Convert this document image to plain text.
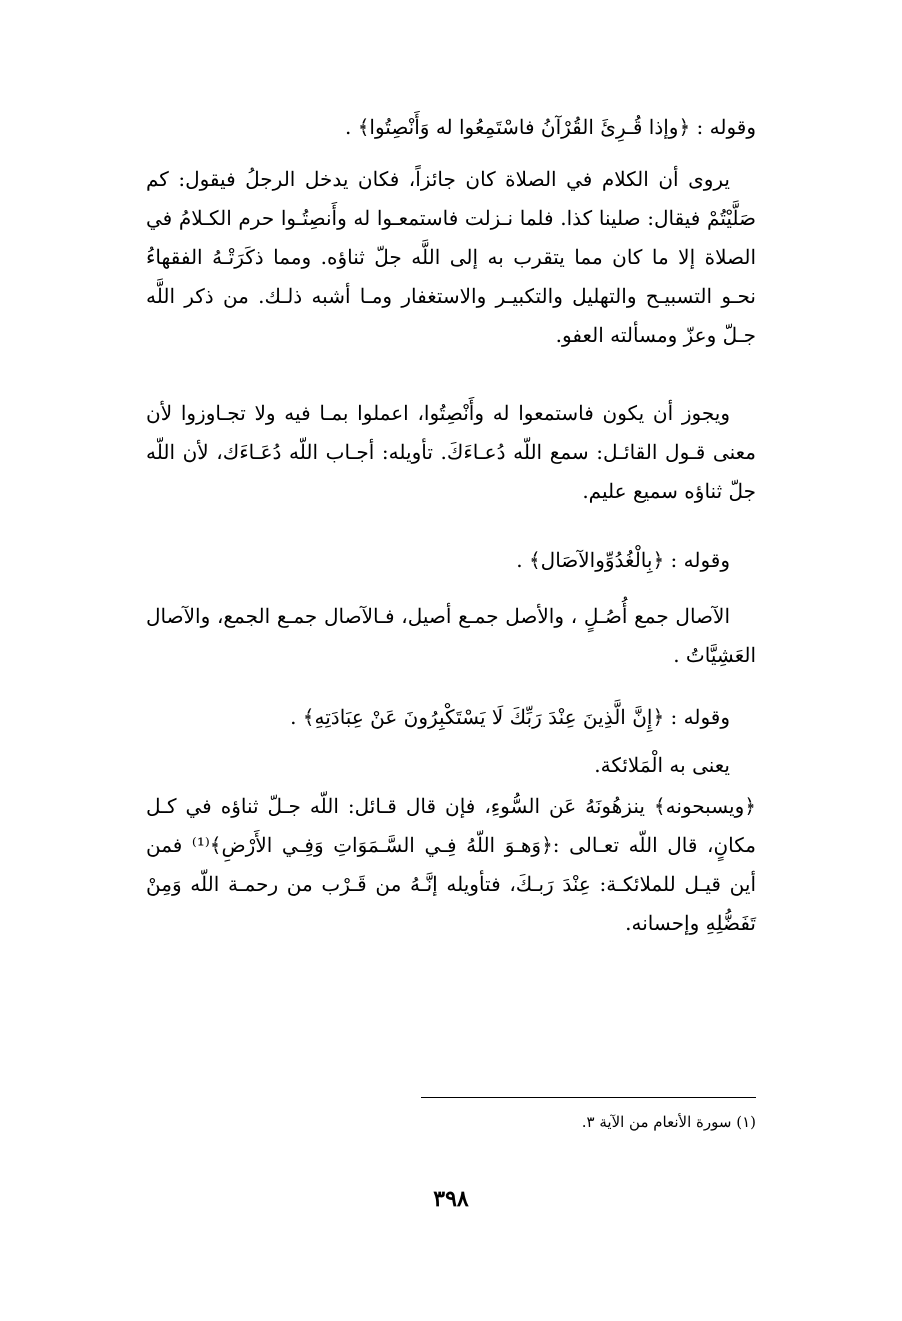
وقوله : ﴿وإذا قُـرِئَ القُرْآنُ فاسْتَمِعُوا له وَأَنْصِتُوا﴾ .
يروى أن الكلام في الصلاة كان جائزاً، فكان يدخل الرجلُ فيقول: كم صَلَّيْتُمْ فيقال: صلينا كذا. فلما نـزلت فاستمعـوا له وأَنصِتُـوا حرم الكـلامُ في الصلاة إلا ما كان مما يتقرب به إلى اللَّه جلّ ثناؤه. ومما ذكَرَتْـهُ الفقهاءُ نحـو التسبيـح والتهليل والتكبيـر والاستغفار ومـا أشبه ذلـك. من ذكر اللَّه جـلّ وعزّ ومسألته العفو.
ويجوز أن يكون فاستمعوا له وأَنْصِتُوا، اعملوا بمـا فيه ولا تجـاوزوا لأن معنى قـول القائـل: سمع اللّه دُعـاءَكَ. تأويله: أجـاب اللّه دُعَـاءَك، لأن اللّه جلّ ثناؤه سميع عليم.
وقوله : ﴿بِالْغُدُوِّوالآصَال﴾ .
الآصال جمع أُصُـلٍ ، والأصل جمـع أصيل، فـالآصال جمـع الجمع، والآصال العَشِيَّاتُ .
وقوله : ﴿إِنَّ الَّذِينَ عِنْدَ رَبِّكَ لَا يَسْتَكْبِرُونَ عَنْ عِبَادَتِهِ﴾ .
يعنى به الْمَلائكة.
﴿ويسبحونه﴾ ينزهُونَهُ عَن السُّوءِ، فإن قال قـائل: اللّه جـلّ ثناؤه في كـل مكانٍ، قال اللّه تعـالى :﴿وَهـوَ اللّهُ فِـي السَّـمَوَاتِ وَفِـي الأَرْضِ﴾⁽¹⁾ فمن أين قيـل للملائكـة: عِنْدَ رَبـكَ، فتأويله إنَّـهُ من قَـرْب من رحمـة اللّه وَمِنْ تَفَضُّلِهِ وإحسانه.
(١) سورة الأنعام من الآية ٣.
٣٩٨
